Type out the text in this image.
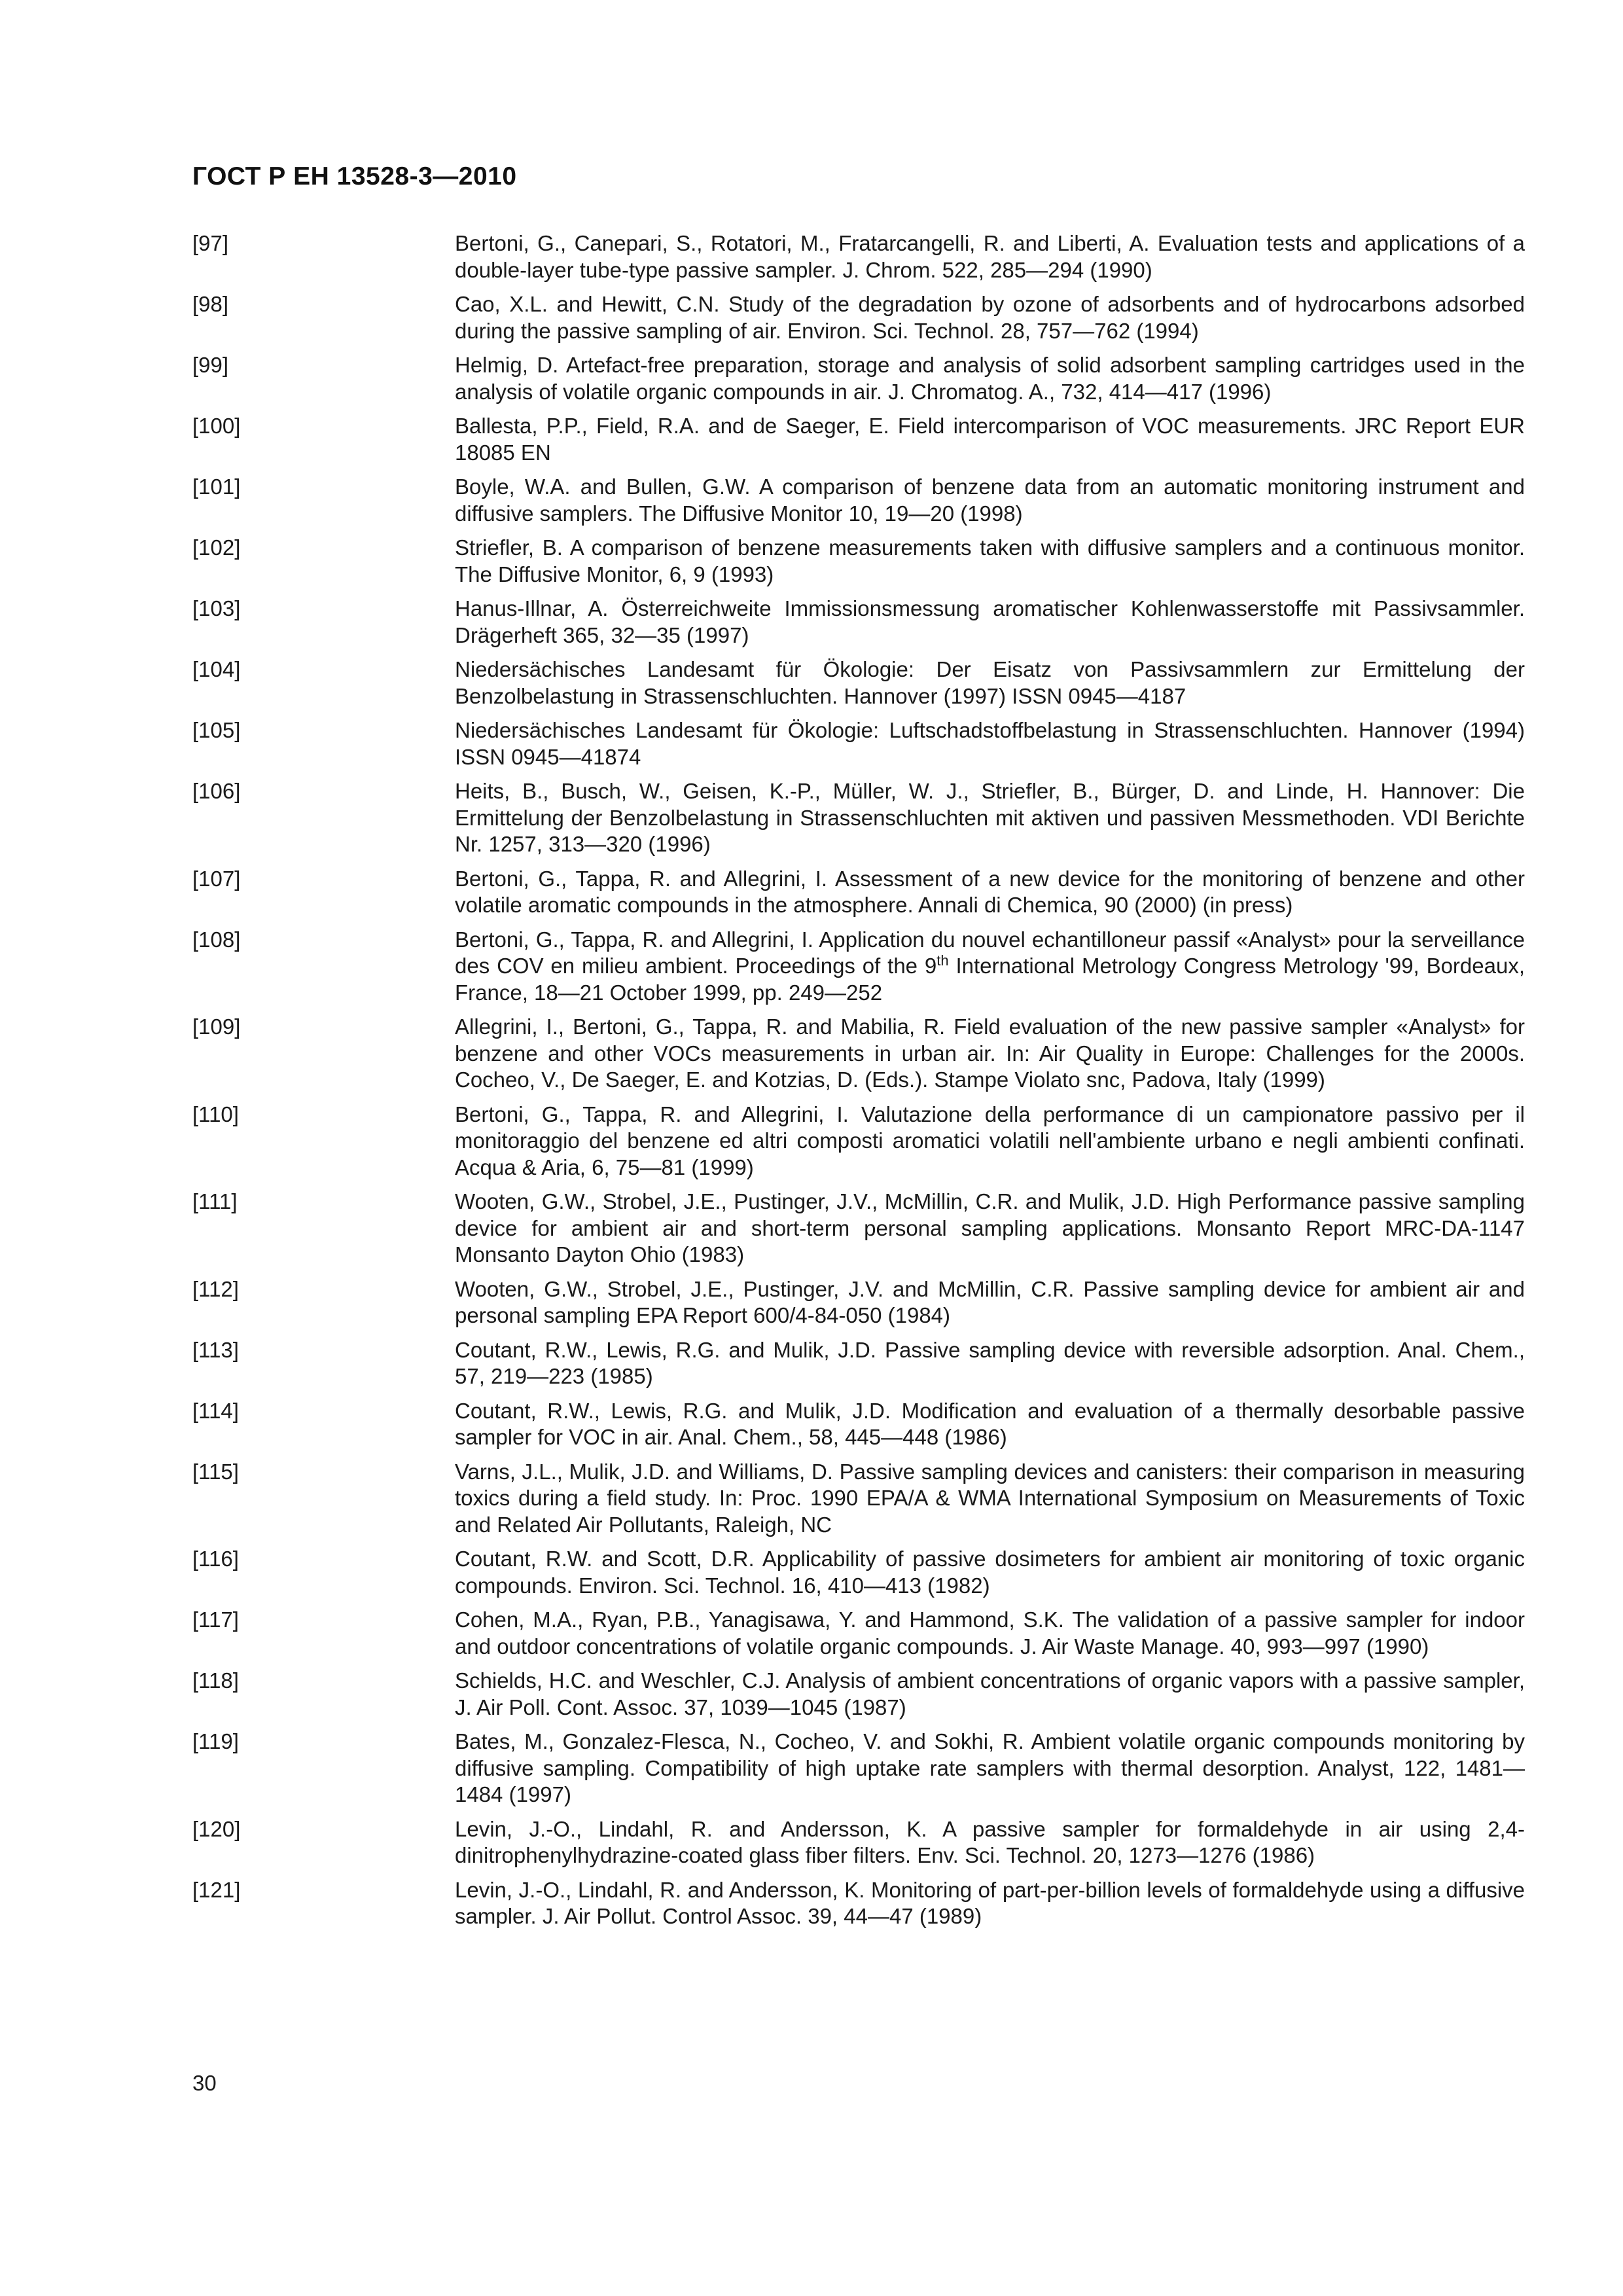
ГОСТ Р ЕН 13528-3—2010
[97]	Bertoni, G., Canepari, S., Rotatori, M., Fratarcangelli, R. and Liberti, A. Evaluation tests and applications of a double-layer tube-type passive sampler. J. Chrom. 522, 285—294 (1990)
[98]	Cao, X.L. and Hewitt, C.N. Study of the degradation by ozone of adsorbents and of hydrocarbons adsorbed during the passive sampling of air. Environ. Sci. Technol. 28, 757—762 (1994)
[99]	Helmig, D. Artefact-free preparation, storage and analysis of solid adsorbent sampling cartridges used in the analysis of volatile organic compounds in air. J. Chromatog. A., 732, 414—417 (1996)
[100]	Ballesta, P.P., Field, R.A. and de Saeger, E. Field intercomparison of VOC measurements. JRC Report EUR 18085 EN
[101]	Boyle, W.A. and Bullen, G.W. A comparison of benzene data from an automatic monitoring instrument and diffusive samplers. The Diffusive Monitor 10, 19—20 (1998)
[102]	Striefler, B. A comparison of benzene measurements taken with diffusive samplers and a continuous monitor. The Diffusive Monitor, 6, 9 (1993)
[103]	Hanus-Illnar, A. Österreichweite Immissionsmessung aromatischer Kohlenwasserstoffe mit Passivsammler. Drägerheft 365, 32—35 (1997)
[104]	Niedersächisches Landesamt für Ökologie: Der Eisatz von Passivsammlern zur Ermittelung der Benzolbelastung in Strassenschluchten. Hannover (1997) ISSN 0945—4187
[105]	Niedersächisches Landesamt für Ökologie: Luftschadstoffbelastung in Strassenschluchten. Hannover (1994) ISSN 0945—41874
[106]	Heits, B., Busch, W., Geisen, K.-P., Müller, W. J., Striefler, B., Bürger, D. and Linde, H. Hannover: Die Ermittelung der Benzolbelastung in Strassenschluchten mit aktiven und passiven Messmethoden. VDI Berichte Nr. 1257, 313—320 (1996)
[107]	Bertoni, G., Tappa, R. and Allegrini, I. Assessment of a new device for the monitoring of benzene and other volatile aromatic compounds in the atmosphere. Annali di Chemica, 90 (2000) (in press)
[108]	Bertoni, G., Tappa, R. and Allegrini, I. Application du nouvel echantilloneur passif «Analyst» pour la serveillance des COV en milieu ambient. Proceedings of the 9th International Metrology Congress Metrology '99, Bordeaux, France, 18—21 October 1999, pp. 249—252
[109]	Allegrini, I., Bertoni, G., Tappa, R. and Mabilia, R. Field evaluation of the new passive sampler «Analyst» for benzene and other VOCs measurements in urban air. In: Air Quality in Europe: Challenges for the 2000s. Cocheo, V., De Saeger, E. and Kotzias, D. (Eds.). Stampe Violato snc, Padova, Italy (1999)
[110]	Bertoni, G., Tappa, R. and Allegrini, I. Valutazione della performance di un campionatore passivo per il monitoraggio del benzene ed altri composti aromatici volatili nell'ambiente urbano e negli ambienti confinati. Acqua & Aria, 6, 75—81 (1999)
[111]	Wooten, G.W., Strobel, J.E., Pustinger, J.V., McMillin, C.R. and Mulik, J.D. High Performance passive sampling device for ambient air and short-term personal sampling applications. Monsanto Report MRC-DA-1147 Monsanto Dayton Ohio (1983)
[112]	Wooten, G.W., Strobel, J.E., Pustinger, J.V. and McMillin, C.R. Passive sampling device for ambient air and personal sampling EPA Report 600/4-84-050 (1984)
[113]	Coutant, R.W., Lewis, R.G. and Mulik, J.D. Passive sampling device with reversible adsorption. Anal. Chem., 57, 219—223 (1985)
[114]	Coutant, R.W., Lewis, R.G. and Mulik, J.D. Modification and evaluation of a thermally desorbable passive sampler for VOC in air. Anal. Chem., 58, 445—448 (1986)
[115]	Varns, J.L., Mulik, J.D. and Williams, D. Passive sampling devices and canisters: their comparison in measuring toxics during a field study. In: Proc. 1990 EPA/A & WMA International Symposium on Measurements of Toxic and Related Air Pollutants, Raleigh, NC
[116]	Coutant, R.W. and Scott, D.R. Applicability of passive dosimeters for ambient air monitoring of toxic organic compounds. Environ. Sci. Technol. 16, 410—413 (1982)
[117]	Cohen, M.A., Ryan, P.B., Yanagisawa, Y. and Hammond, S.K. The validation of a passive sampler for indoor and outdoor concentrations of volatile organic compounds. J. Air Waste Manage. 40, 993—997 (1990)
[118]	Schields, H.C. and Weschler, C.J. Analysis of ambient concentrations of organic vapors with a passive sampler, J. Air Poll. Cont. Assoc. 37, 1039—1045 (1987)
[119]	Bates, M., Gonzalez-Flesca, N., Cocheo, V. and Sokhi, R. Ambient volatile organic compounds monitoring by diffusive sampling. Compatibility of high uptake rate samplers with thermal desorption. Analyst, 122, 1481—1484 (1997)
[120]	Levin, J.-O., Lindahl, R. and Andersson, K. A passive sampler for formaldehyde in air using 2,4-dinitrophenylhydrazine-coated glass fiber filters. Env. Sci. Technol. 20, 1273—1276 (1986)
[121]	Levin, J.-O., Lindahl, R. and Andersson, K. Monitoring of part-per-billion levels of formaldehyde using a diffusive sampler. J. Air Pollut. Control Assoc. 39, 44—47 (1989)
30
